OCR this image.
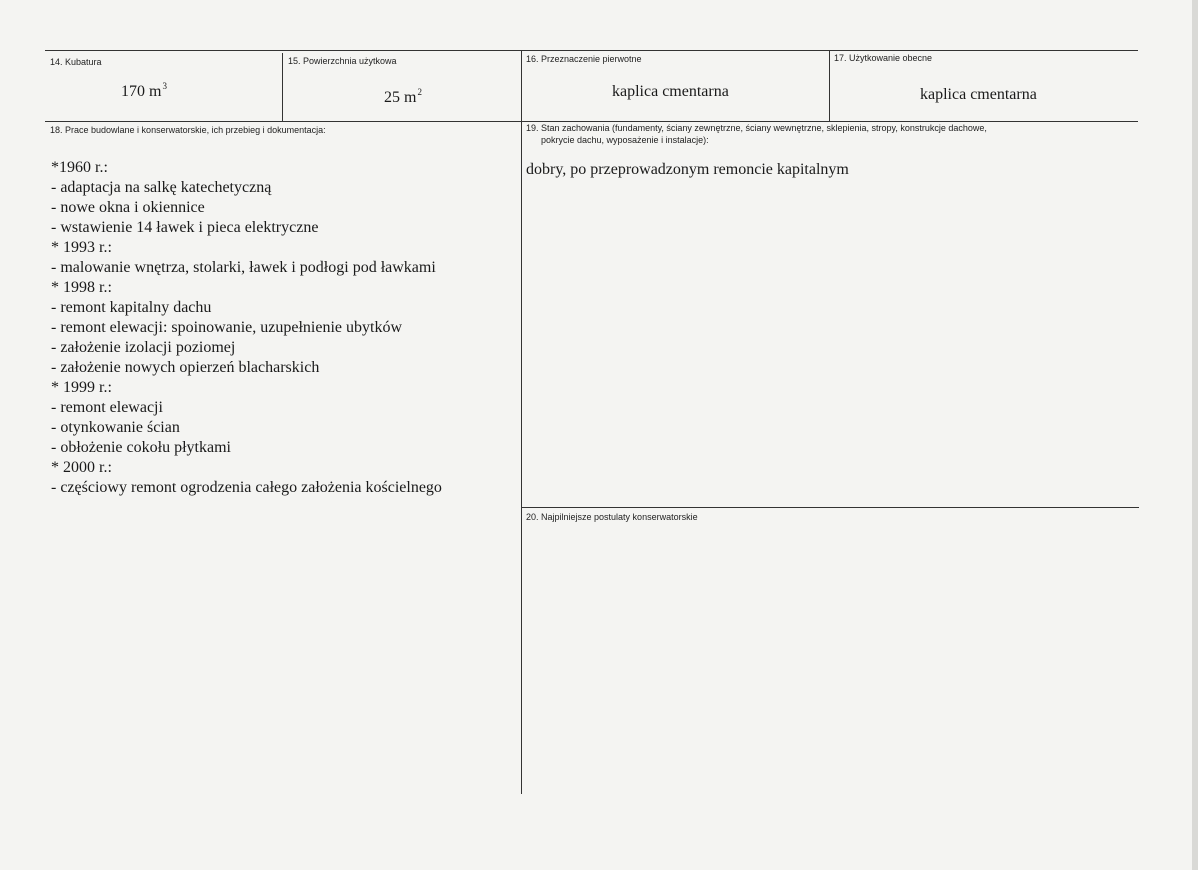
14. Kubatura
170 $m^3$
15. Powierzchnia użytkowa
25 $m^2$
16. Przeznaczenie pierwotne
kaplica cmentarna
17. Użytkowanie obecne
kaplica cmentarna
18. Prace budowlane i konserwatorskie, ich przebieg i dokumentacja:
*1960 r.:
- adaptacja na salkę katechetyczną
- nowe okna i okiennice
- wstawienie 14 ławek i pieca elektryczne
* 1993 r.:
- malowanie wnętrza, stolarki, ławek i podłogi pod ławkami
* 1998 r.:
- remont kapitalny dachu
- remont elewacji: spoinowanie, uzupełnienie ubytków
- założenie izolacji poziomej
- założenie nowych opierzeń blacharskich
* 1999 r.:
- remont elewacji
- otynkowanie ścian
- obłożenie cokołu płytkami
* 2000 r.:
- częściowy remont ogrodzenia całego założenia kościelnego
19. Stan zachowania (fundamenty, ściany zewnętrzne, ściany wewnętrzne, sklepienia, stropy, konstrukcje dachowe,
pokrycie dachu, wyposażenie i instalacje):
dobry, po przeprowadzonym remoncie kapitalnym
20. Najpilniejsze postulaty konserwatorskie
